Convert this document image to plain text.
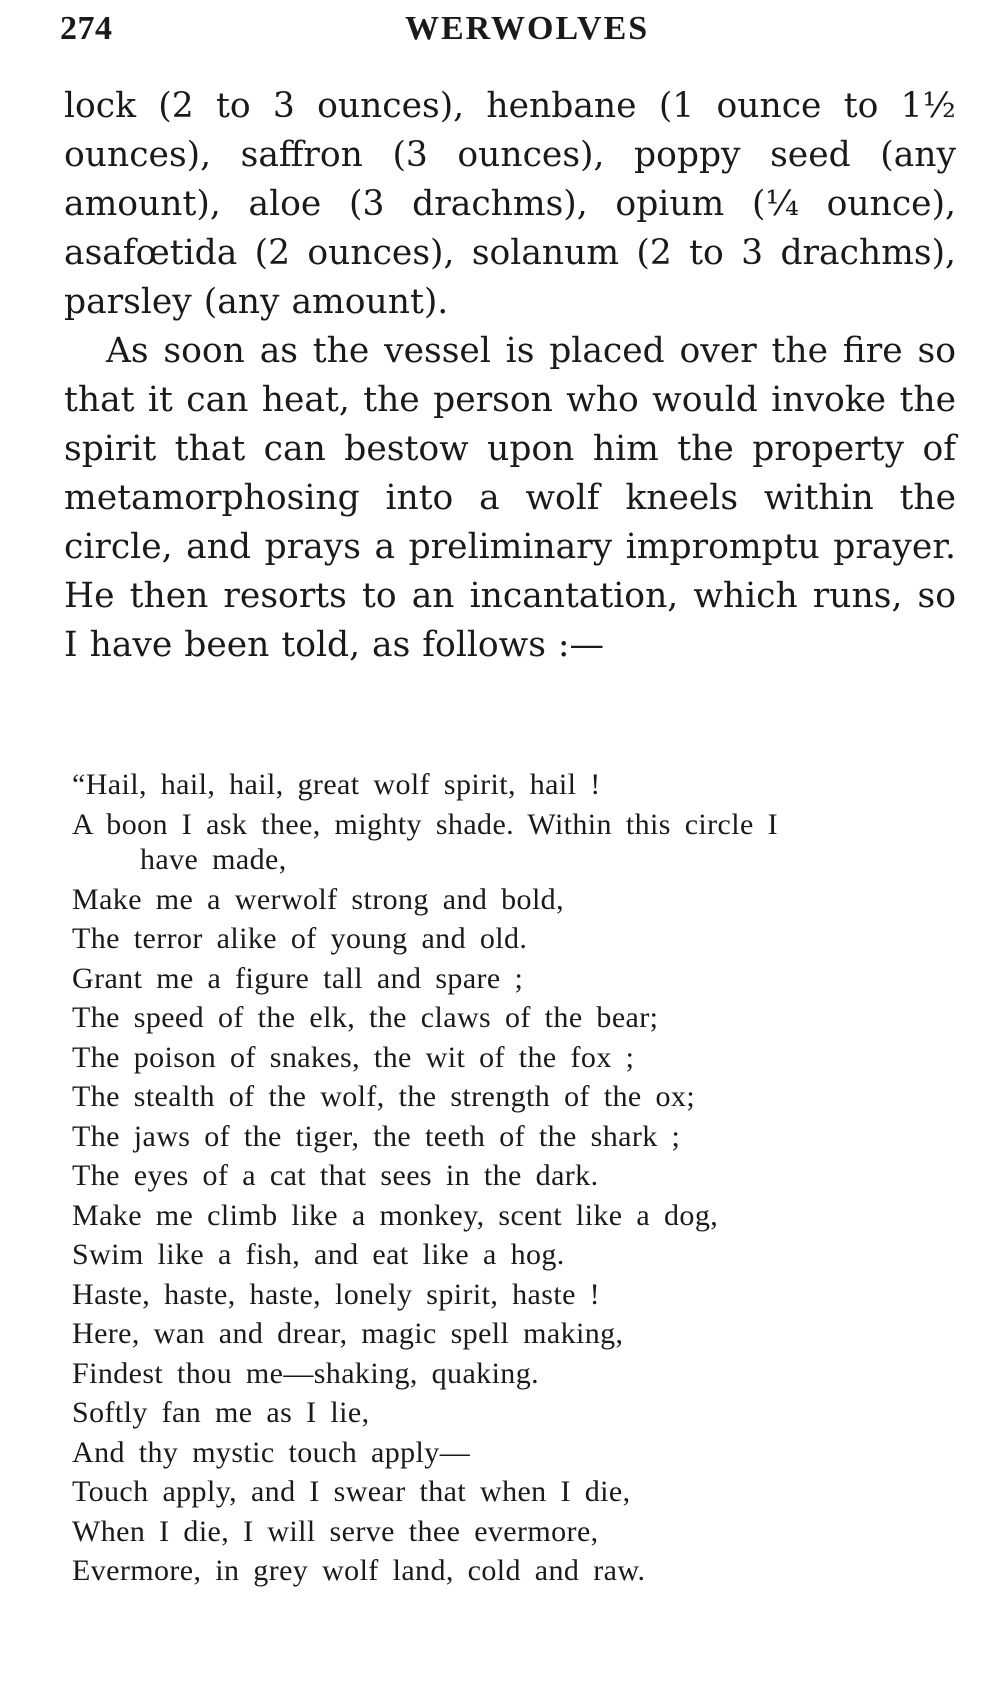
274	WERWOLVES

lock (2 to 3 ounces), henbane (1 ounce to 1½ ounces), saffron (3 ounces), poppy seed (any amount), aloe (3 drachms), opium (¼ ounce), asafœtida (2 ounces), solanum (2 to 3 drachms), parsley (any amount).

As soon as the vessel is placed over the fire so that it can heat, the person who would invoke the spirit that can bestow upon him the property of metamorphosing into a wolf kneels within the circle, and prays a preliminary impromptu prayer. He then resorts to an incantation, which runs, so I have been told, as follows :—

“Hail, hail, hail, great wolf spirit, hail !
A boon I ask thee, mighty shade. Within this circle I
have made,
Make me a werwolf strong and bold,
The terror alike of young and old.
Grant me a figure tall and spare ;
The speed of the elk, the claws of the bear;
The poison of snakes, the wit of the fox ;
The stealth of the wolf, the strength of the ox;
The jaws of the tiger, the teeth of the shark ;
The eyes of a cat that sees in the dark.
Make me climb like a monkey, scent like a dog,
Swim like a fish, and eat like a hog.
Haste, haste, haste, lonely spirit, haste !
Here, wan and drear, magic spell making,
Findest thou me—shaking, quaking.
Softly fan me as I lie,
And thy mystic touch apply—
Touch apply, and I swear that when I die,
When I die, I will serve thee evermore,
Evermore, in grey wolf land, cold and raw.
